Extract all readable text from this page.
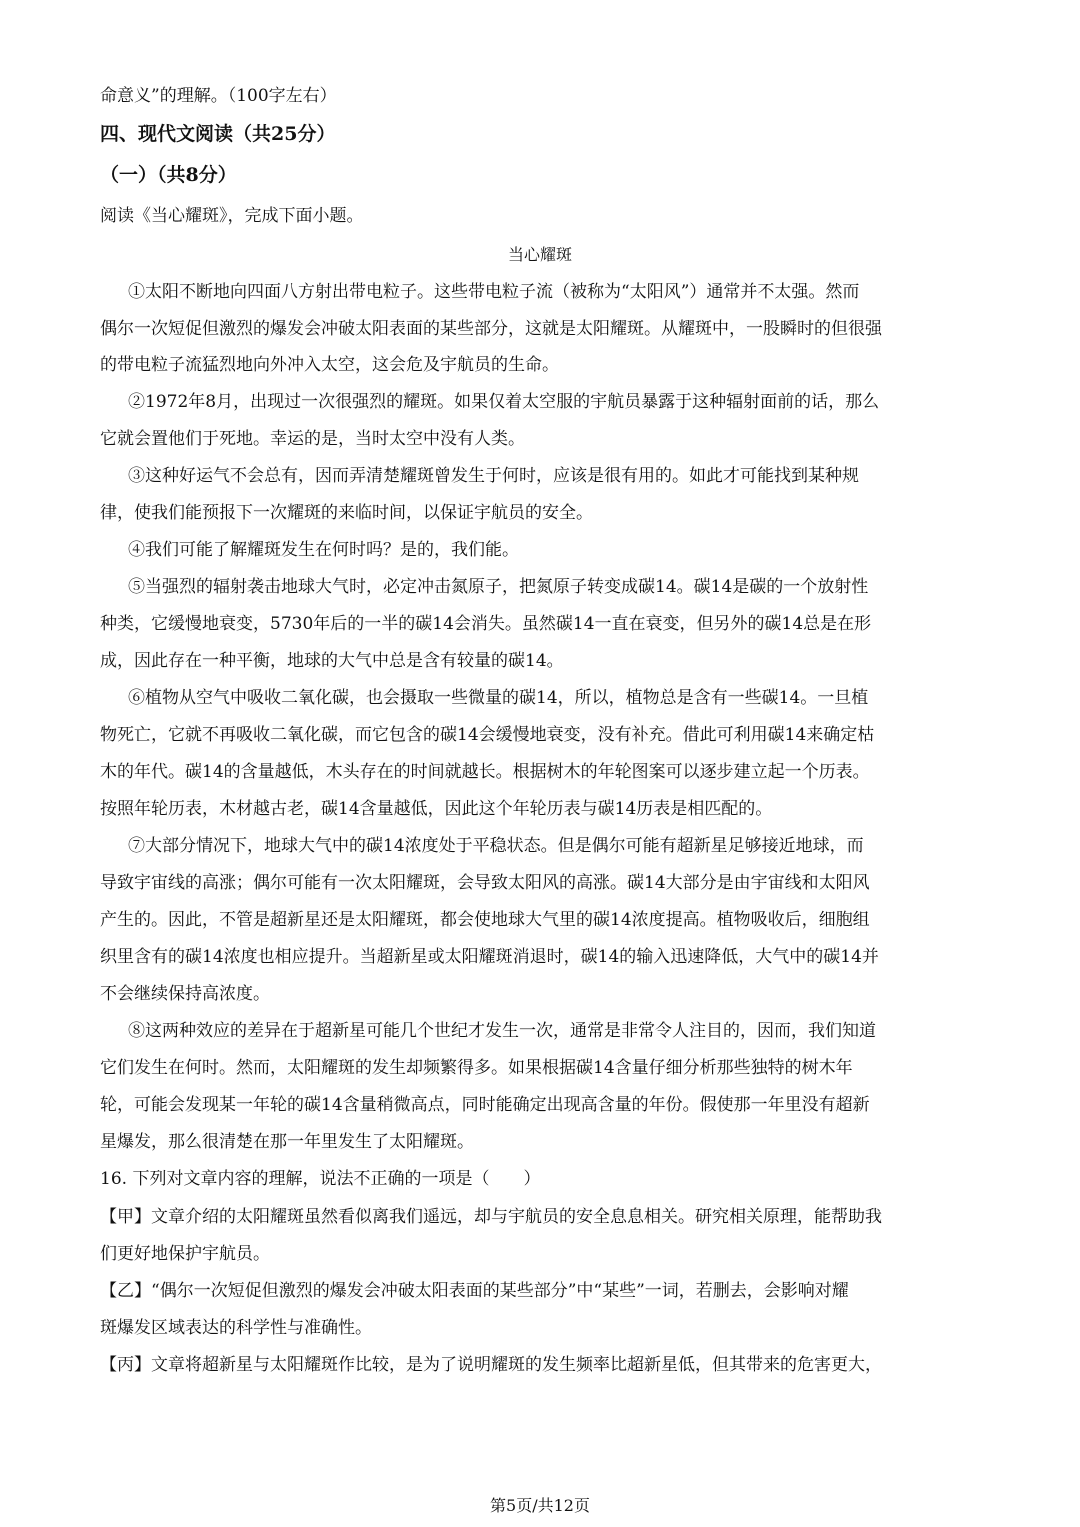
命意义”的理解。（100字左右）
四、现代文阅读（共25分）
（一）（共8分）
阅读《当心耀斑》，完成下面小题。
当心耀斑
①太阳不断地向四面八方射出带电粒子。这些带电粒子流（被称为“太阳风”）通常并不太强。然而
偶尔一次短促但激烈的爆发会冲破太阳表面的某些部分，这就是太阳耀斑。从耀斑中，一股瞬时的但很强
的带电粒子流猛烈地向外冲入太空，这会危及宇航员的生命。
②1972年8月，出现过一次很强烈的耀斑。如果仅着太空服的宇航员暴露于这种辐射面前的话，那么
它就会置他们于死地。幸运的是，当时太空中没有人类。
③这种好运气不会总有，因而弄清楚耀斑曾发生于何时，应该是很有用的。如此才可能找到某种规
律，使我们能预报下一次耀斑的来临时间，以保证宇航员的安全。
④我们可能了解耀斑发生在何时吗？是的，我们能。
⑤当强烈的辐射袭击地球大气时，必定冲击氮原子，把氮原子转变成碳14。碳14是碳的一个放射性
种类，它缓慢地衰变，5730年后的一半的碳14会消失。虽然碳14一直在衰变，但另外的碳14总是在形
成，因此存在一种平衡，地球的大气中总是含有较量的碳14。
⑥植物从空气中吸收二氧化碳，也会摄取一些微量的碳14，所以，植物总是含有一些碳14。一旦植
物死亡，它就不再吸收二氧化碳，而它包含的碳14会缓慢地衰变，没有补充。借此可利用碳14来确定枯
木的年代。碳14的含量越低，木头存在的时间就越长。根据树木的年轮图案可以逐步建立起一个历表。
按照年轮历表，木材越古老，碳14含量越低，因此这个年轮历表与碳14历表是相匹配的。
⑦大部分情况下，地球大气中的碳14浓度处于平稳状态。但是偶尔可能有超新星足够接近地球，而
导致宇宙线的高涨；偶尔可能有一次太阳耀斑，会导致太阳风的高涨。碳14大部分是由宇宙线和太阳风
产生的。因此，不管是超新星还是太阳耀斑，都会使地球大气里的碳14浓度提高。植物吸收后，细胞组
织里含有的碳14浓度也相应提升。当超新星或太阳耀斑消退时，碳14的输入迅速降低，大气中的碳14并
不会继续保持高浓度。
⑧这两种效应的差异在于超新星可能几个世纪才发生一次，通常是非常令人注目的，因而，我们知道
它们发生在何时。然而，太阳耀斑的发生却频繁得多。如果根据碳14含量仔细分析那些独特的树木年
轮，可能会发现某一年轮的碳14含量稍微高点，同时能确定出现高含量的年份。假使那一年里没有超新
星爆发，那么很清楚在那一年里发生了太阳耀斑。
16. 下列对文章内容的理解，说法不正确的一项是（　　）
【甲】文章介绍的太阳耀斑虽然看似离我们遥远，却与宇航员的安全息息相关。研究相关原理，能帮助我
们更好地保护宇航员。
【乙】“偶尔一次短促但激烈的爆发会冲破太阳表面的某些部分”中“某些”一词，若删去，会影响对耀
斑爆发区域表达的科学性与准确性。
【丙】文章将超新星与太阳耀斑作比较，是为了说明耀斑的发生频率比超新星低，但其带来的危害更大，
第5页/共12页
